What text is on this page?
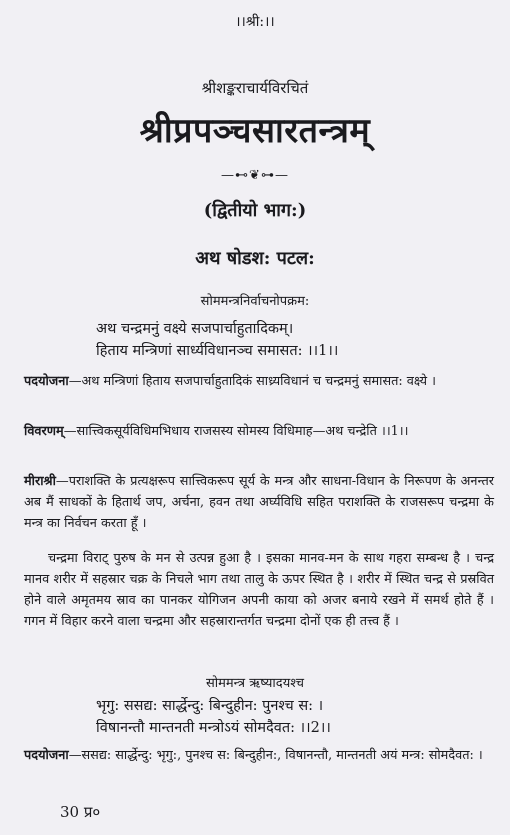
।।श्री:।।
श्रीशङ्कराचार्यविरचितं
श्रीप्रपञ्चसारतन्त्रम्
—⊷❦⊶—
(द्वितीयो भाग:)
अथ षोडश: पटल:
सोममन्त्रनिर्वाचनोपक्रम:
अथ चन्द्रमनुं वक्ष्ये सजपार्चाहुतादिकम्।
हिताय मन्त्रिणां सार्ध्यविधानञ्च समासत: ।।1।।

पदयोजना—अथ मन्त्रिणां हिताय सजपार्चाहुतादिकं साध्र्यविधानं च चन्द्रमनुं समासत: वक्ष्ये ।

विवरणम्—सात्त्विकसूर्यविधिमभिधाय राजसस्य सोमस्य विधिमाह—अथ चन्द्रेति ।।1।।

मीराश्री—पराशक्ति के प्रत्यक्षरूप सात्त्विकरूप सूर्य के मन्त्र और साधना-विधान के निरूपण के अनन्तर अब मैं साधकों के हितार्थ जप, अर्चना, हवन तथा अर्घ्यविधि सहित पराशक्ति के राजसरूप चन्द्रमा के मन्त्र का निर्वचन करता हूँ ।

चन्द्रमा विराट् पुरुष के मन से उत्पन्न हुआ है । इसका मानव-मन के साथ गहरा सम्बन्ध है । चन्द्र मानव शरीर में सहस्रार चक्र के निचले भाग तथा तालु के ऊपर स्थित है । शरीर में स्थित चन्द्र से प्रस्रवित होने वाले अमृतमय स्राव का पानकर योगिजन अपनी काया को अजर बनाये रखने में समर्थ होते हैं । गगन में विहार करने वाला चन्द्रमा और सहस्रारान्तर्गत चन्द्रमा दोनों एक ही तत्त्व हैं ।

सोममन्त्र ऋष्यादयश्च
भृगु: ससद्य: सार्द्धेन्दु: बिन्दुहीन: पुनश्च स: ।
विषानन्तौ मान्तनती मन्त्रोऽयं सोमदैवत: ।।2।।

पदयोजना—ससद्य: सार्द्धेन्दु: भृगु:, पुनश्च स: बिन्दुहीन:, विषानन्तौ, मान्तनती अयं मन्त्र: सोमदैवत: ।

30 प्र०
